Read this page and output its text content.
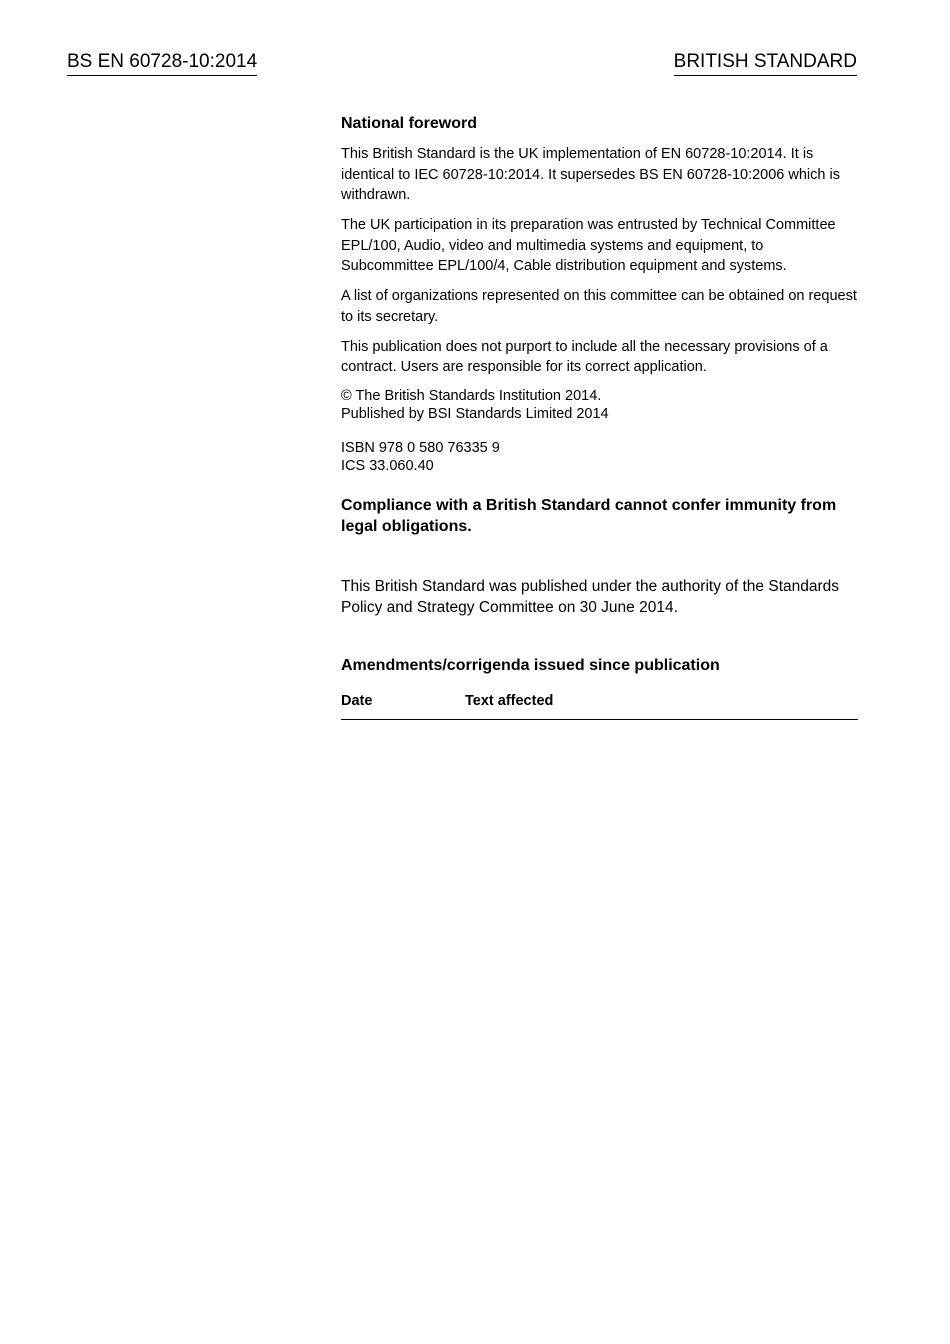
BS EN 60728-10:2014	BRITISH STANDARD
National foreword

This British Standard is the UK implementation of EN 60728-10:2014. It is identical to IEC 60728-10:2014. It supersedes BS EN 60728-10:2006 which is withdrawn.

The UK participation in its preparation was entrusted by Technical Committee EPL/100, Audio, video and multimedia systems and equipment, to Subcommittee EPL/100/4, Cable distribution equipment and systems.

A list of organizations represented on this committee can be obtained on request to its secretary.

This publication does not purport to include all the necessary provisions of a contract. Users are responsible for its correct application.

© The British Standards Institution 2014.
Published by BSI Standards Limited 2014
ISBN 978 0 580 76335 9
ICS 33.060.40
Compliance with a British Standard cannot confer immunity from legal obligations.
This British Standard was published under the authority of the Standards Policy and Strategy Committee on 30 June 2014.
Amendments/corrigenda issued since publication
Date	Text affected
